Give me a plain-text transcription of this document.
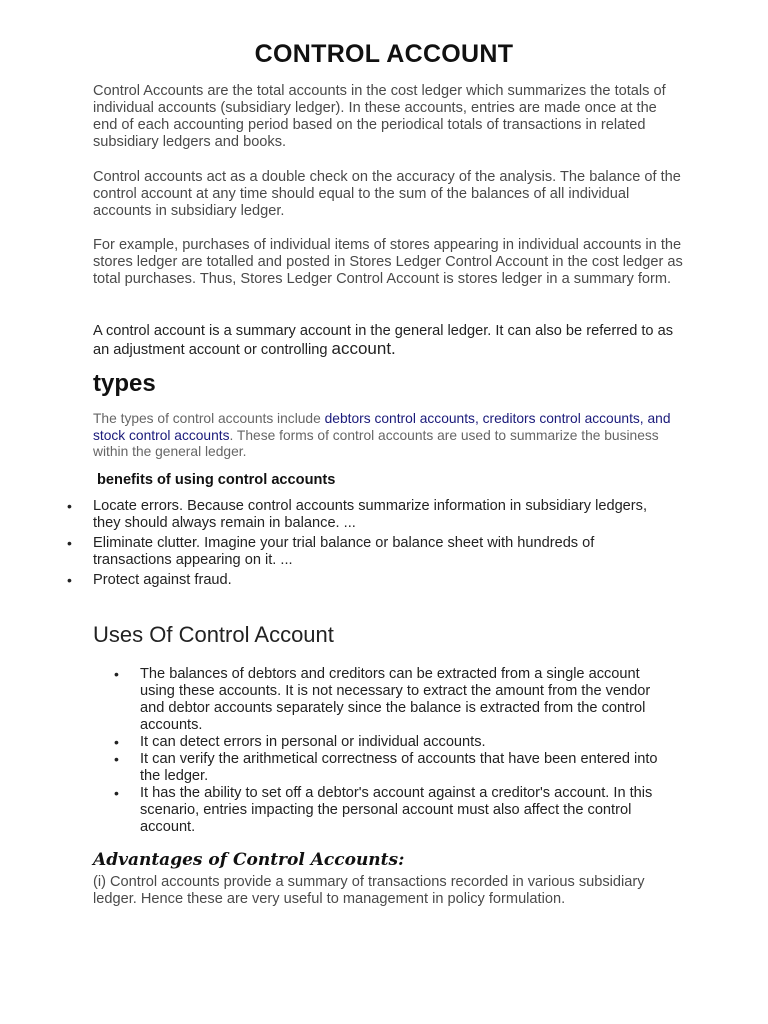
CONTROL ACCOUNT

Control Accounts are the total accounts in the cost ledger which summarizes the totals of individual accounts (subsidiary ledger). In these accounts, entries are made once at the end of each accounting period based on the periodical totals of transactions in related subsidiary ledgers and books.

Control accounts act as a double check on the accuracy of the analysis. The balance of the control account at any time should equal to the sum of the balances of all individual accounts in subsidiary ledger.

For example, purchases of individual items of stores appearing in individual accounts in the stores ledger are totalled and posted in Stores Ledger Control Account in the cost ledger as total purchases. Thus, Stores Ledger Control Account is stores ledger in a summary form.

A control account is a summary account in the general ledger. It can also be referred to as an adjustment account or controlling account.

types

The types of control accounts include debtors control accounts, creditors control accounts, and stock control accounts. These forms of control accounts are used to summarize the business within the general ledger.

benefits of using control accounts
• Locate errors. Because control accounts summarize information in subsidiary ledgers, they should always remain in balance. ...
• Eliminate clutter. Imagine your trial balance or balance sheet with hundreds of transactions appearing on it. ...
• Protect against fraud.
Uses Of Control Account
• The balances of debtors and creditors can be extracted from a single account using these accounts. It is not necessary to extract the amount from the vendor and debtor accounts separately since the balance is extracted from the control accounts.
• It can detect errors in personal or individual accounts.
• It can verify the arithmetical correctness of accounts that have been entered into the ledger.
• It has the ability to set off a debtor's account against a creditor's account. In this scenario, entries impacting the personal account must also affect the control account.
Advantages of Control Accounts:

(i) Control accounts provide a summary of transactions recorded in various subsidiary ledger. Hence these are very useful to management in policy formulation.
